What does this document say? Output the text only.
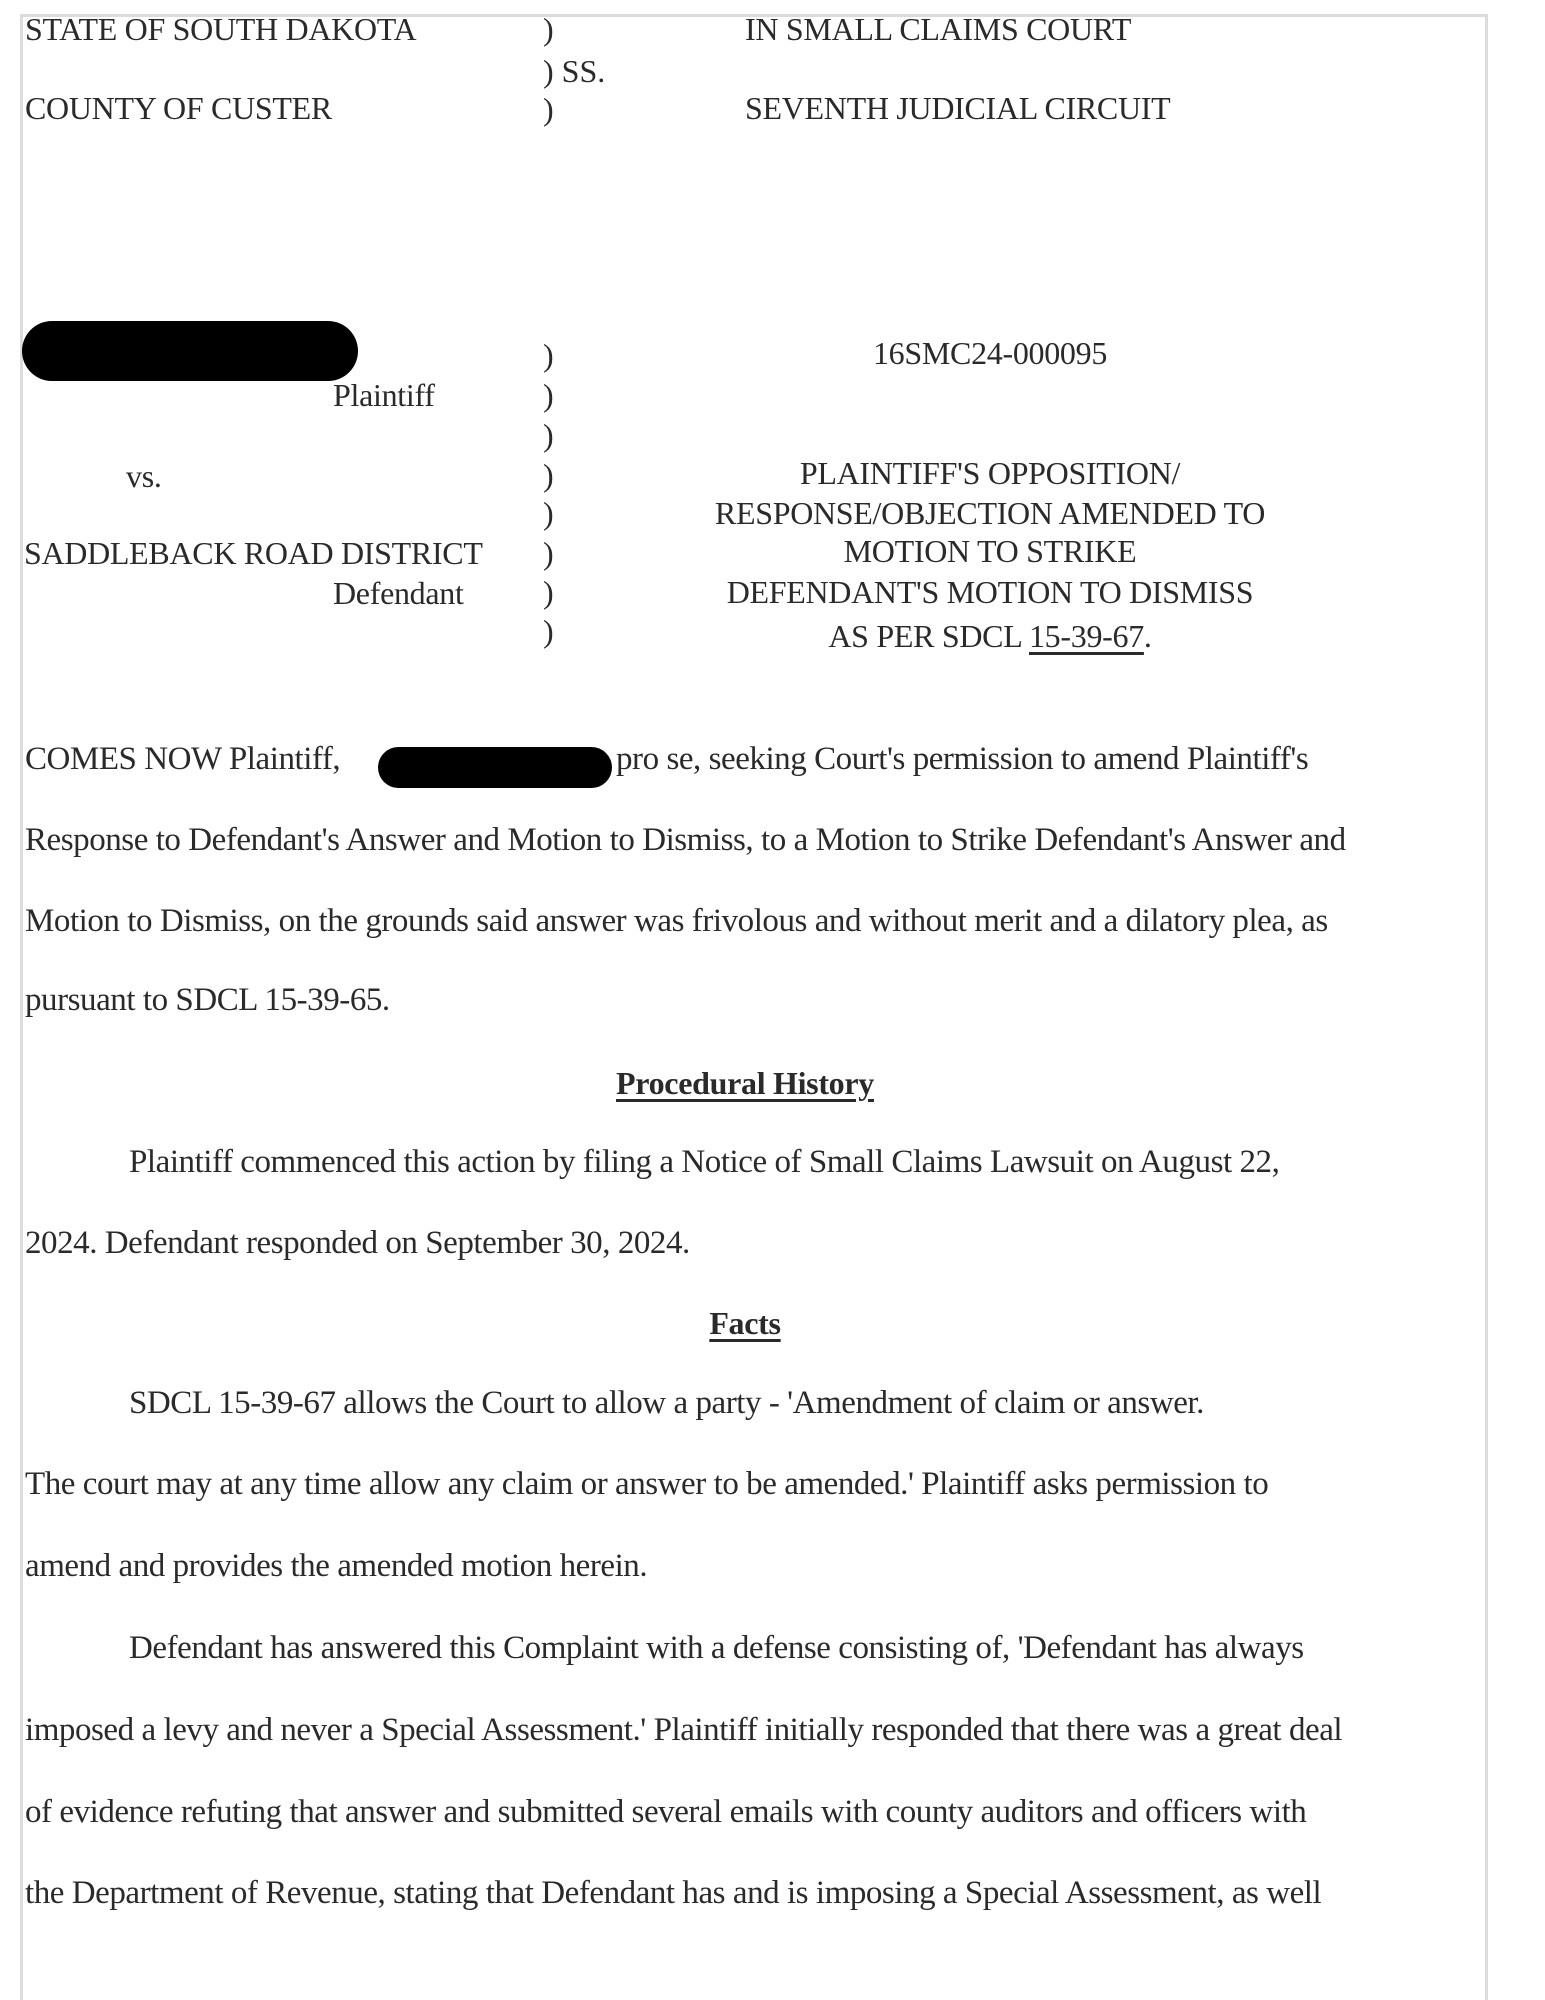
STATE OF SOUTH DAKOTA
COUNTY OF CUSTER
)
) SS.
)
IN SMALL CLAIMS COURT
SEVENTH JUDICIAL CIRCUIT
Plaintiff
vs.
SADDLEBACK ROAD DISTRICT
Defendant
)
)
)
)
)
)
)
)
16SMC24-000095
PLAINTIFF'S OPPOSITION/
RESPONSE/OBJECTION AMENDED TO
MOTION TO STRIKE
DEFENDANT'S MOTION TO DISMISS
AS PER SDCL 15-39-67.
COMES NOW Plaintiff,	pro se, seeking Court's permission to amend Plaintiff's
Response to Defendant's Answer and Motion to Dismiss, to a Motion to Strike Defendant's Answer and
Motion to Dismiss, on the grounds said answer was frivolous and without merit and a dilatory plea, as
pursuant to SDCL 15-39-65.
Procedural History
Plaintiff commenced this action by filing a Notice of Small Claims Lawsuit on August 22,
2024. Defendant responded on September 30, 2024.
Facts
SDCL 15-39-67 allows the Court to allow a party - 'Amendment of claim or answer.
The court may at any time allow any claim or answer to be amended.' Plaintiff asks permission to
amend and provides the amended motion herein.
Defendant has answered this Complaint with a defense consisting of, 'Defendant has always
imposed a levy and never a Special Assessment.' Plaintiff initially responded that there was a great deal
of evidence refuting that answer and submitted several emails with county auditors and officers with
the Department of Revenue, stating that Defendant has and is imposing a Special Assessment, as well
